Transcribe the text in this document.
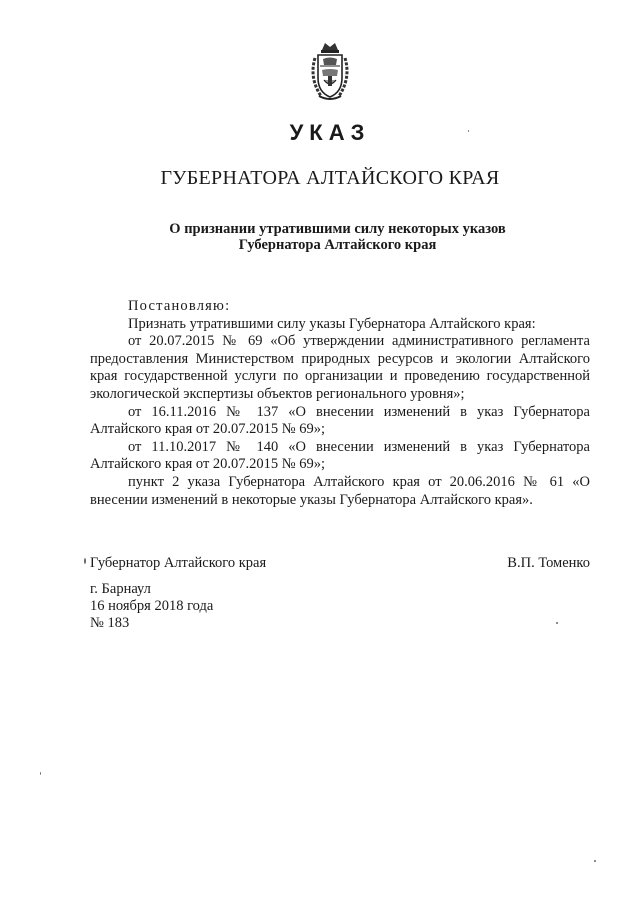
УКАЗ
ГУБЕРНАТОРА АЛТАЙСКОГО КРАЯ
О признании утратившими силу некоторых указов
Губернатора Алтайского края

Постановляю:

Признать утратившими силу указы Губернатора Алтайского края:

от 20.07.2015 № 69 «Об утверждении административного регламента предоставления Министерством природных ресурсов и экологии Алтайского края государственной услуги по организации и проведению государственной экологической экспертизы объектов регионального уровня»;

от 16.11.2016 № 137 «О внесении изменений в указ Губернатора Алтайского края от 20.07.2015 № 69»;

от 11.10.2017 № 140 «О внесении изменений в указ Губернатора Алтайского края от 20.07.2015 № 69»;

пункт 2 указа Губернатора Алтайского края от 20.06.2016 № 61 «О внесении изменений в некоторые указы Губернатора Алтайского края».

Губернатор Алтайского края	В.П. Томенко
г. Барнаул
16 ноября 2018 года
№ 183
